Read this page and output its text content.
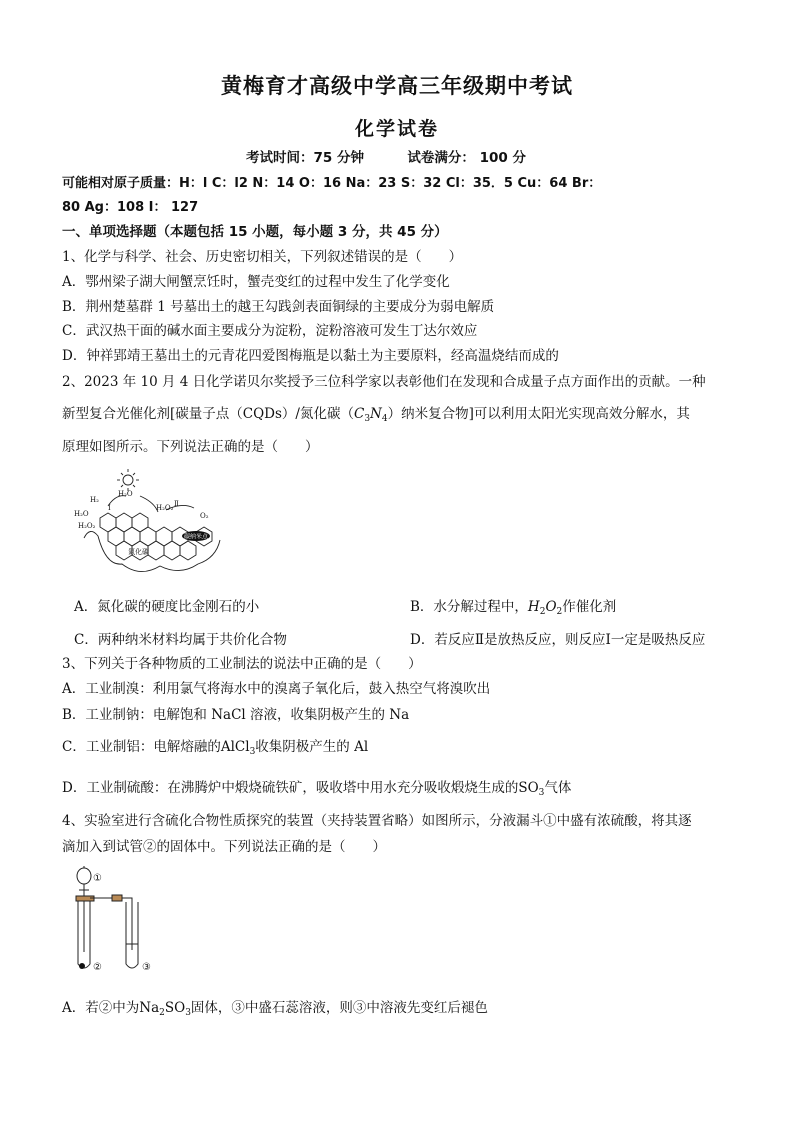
黄梅育才高级中学高三年级期中考试
化学试卷
考试时间：75 分钟	试卷满分： 100 分
可能相对原子质量：H：l C：l2 N：14 O：16 Na：23 S：32 Cl：35．5 Cu：64 Br：
80 Ag：108 I： 127
一、单项选择题（本题包括 15 小题，每小题 3 分，共 45 分）
1、化学与科学、社会、历史密切相关，下列叙述错误的是（　　）
A．鄂州梁子湖大闸蟹烹饪时，蟹壳变红的过程中发生了化学变化
B．荆州楚墓群 1 号墓出土的越王勾践剑表面铜绿的主要成分为弱电解质
C．武汉热干面的碱水面主要成分为淀粉，淀粉溶液可发生丁达尔效应
D．钟祥郢靖王墓出土的元青花四爱图梅瓶是以黏土为主要原料，经高温烧结而成的
2、2023 年 10 月 4 日化学诺贝尔奖授予三位科学家以表彰他们在发现和合成量子点方面作出的贡献。一种
新型复合光催化剂[碳量子点（CQDs）/氮化碳$(C_3N_4)$纳米复合物]可以利用太阳光实现高效分解水，其
原理如图所示。下列说法正确的是（　　）
碳纳米点
H₂
H₂O
H₂O
H₂O₂
H₂O₂
O₂
Ⅰ	Ⅱ
氮化碳
A．氮化碳的硬度比金刚石的小	B．水分解过程中，$H_2O_2$作催化剂
C．两种纳米材料均属于共价化合物	D．若反应Ⅱ是放热反应，则反应Ⅰ一定是吸热反应
3、下列关于各种物质的工业制法的说法中正确的是（　　）
A．工业制溴：利用氯气将海水中的溴离子氧化后，鼓入热空气将溴吹出
B．工业制钠：电解饱和 NaCl 溶液，收集阴极产生的 Na
C．工业制铝：电解熔融的AlCl$_3$收集阴极产生的 Al
D．工业制硫酸：在沸腾炉中煅烧硫铁矿，吸收塔中用水充分吸收煅烧生成的$SO_3$气体
4、实验室进行含硫化合物性质探究的装置（夹持装置省略）如图所示，分液漏斗①中盛有浓硫酸，将其逐
滴加入到试管②的固体中。下列说法正确的是（　　）
①
②	③
A．若②中为$Na_2SO_3$固体，③中盛石蕊溶液，则③中溶液先变红后褪色
